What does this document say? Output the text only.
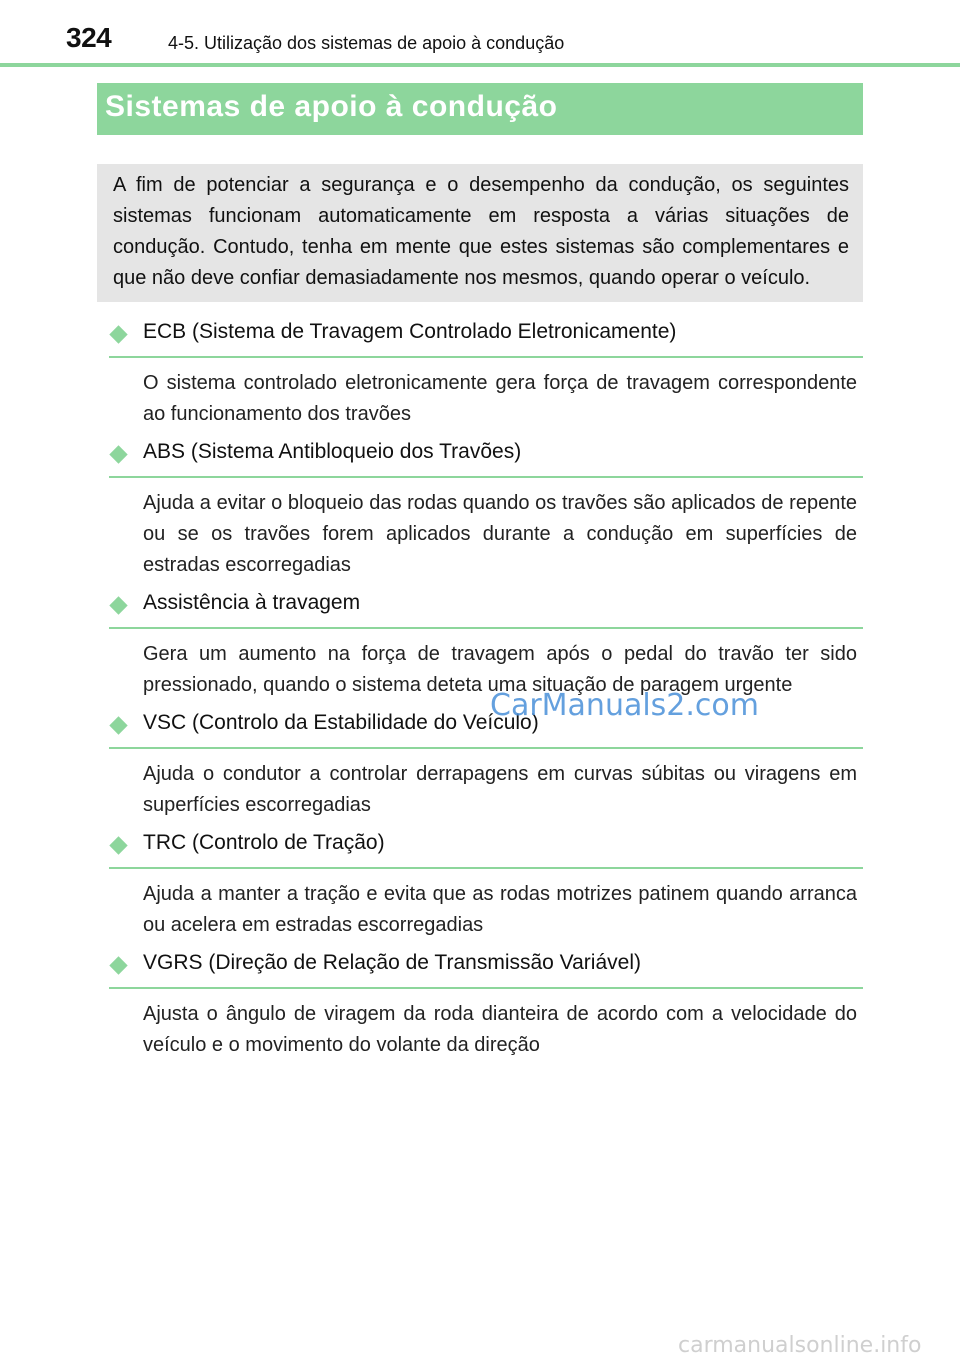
324	4-5. Utilização dos sistemas de apoio à condução
Sistemas de apoio à condução
A fim de potenciar a segurança e o desempenho da condução, os seguintes sistemas funcionam automaticamente em resposta a várias situações de condução. Contudo, tenha em mente que estes sistemas são complementares e que não deve confiar demasiadamente nos mesmos, quando operar o veículo.
ECB (Sistema de Travagem Controlado Eletronicamente)
O sistema controlado eletronicamente gera força de travagem correspondente ao funcionamento dos travões
ABS (Sistema Antibloqueio dos Travões)
Ajuda a evitar o bloqueio das rodas quando os travões são aplicados de repente ou se os travões forem aplicados durante a condução em superfícies de estradas escorregadias
Assistência à travagem
Gera um aumento na força de travagem após o pedal do travão ter sido pressionado, quando o sistema deteta uma situação de paragem urgente
VSC (Controlo da Estabilidade do Veículo)
Ajuda o condutor a controlar derrapagens em curvas súbitas ou viragens em superfícies escorregadias
TRC (Controlo de Tração)
Ajuda a manter a tração e evita que as rodas motrizes patinem quando arranca ou acelera em estradas escorregadias
VGRS (Direção de Relação de Transmissão Variável)
Ajusta o ângulo de viragem da roda dianteira de acordo com a velocidade do veículo e o movimento do volante da direção
CarManuals2.com
carmanualsonline.info
